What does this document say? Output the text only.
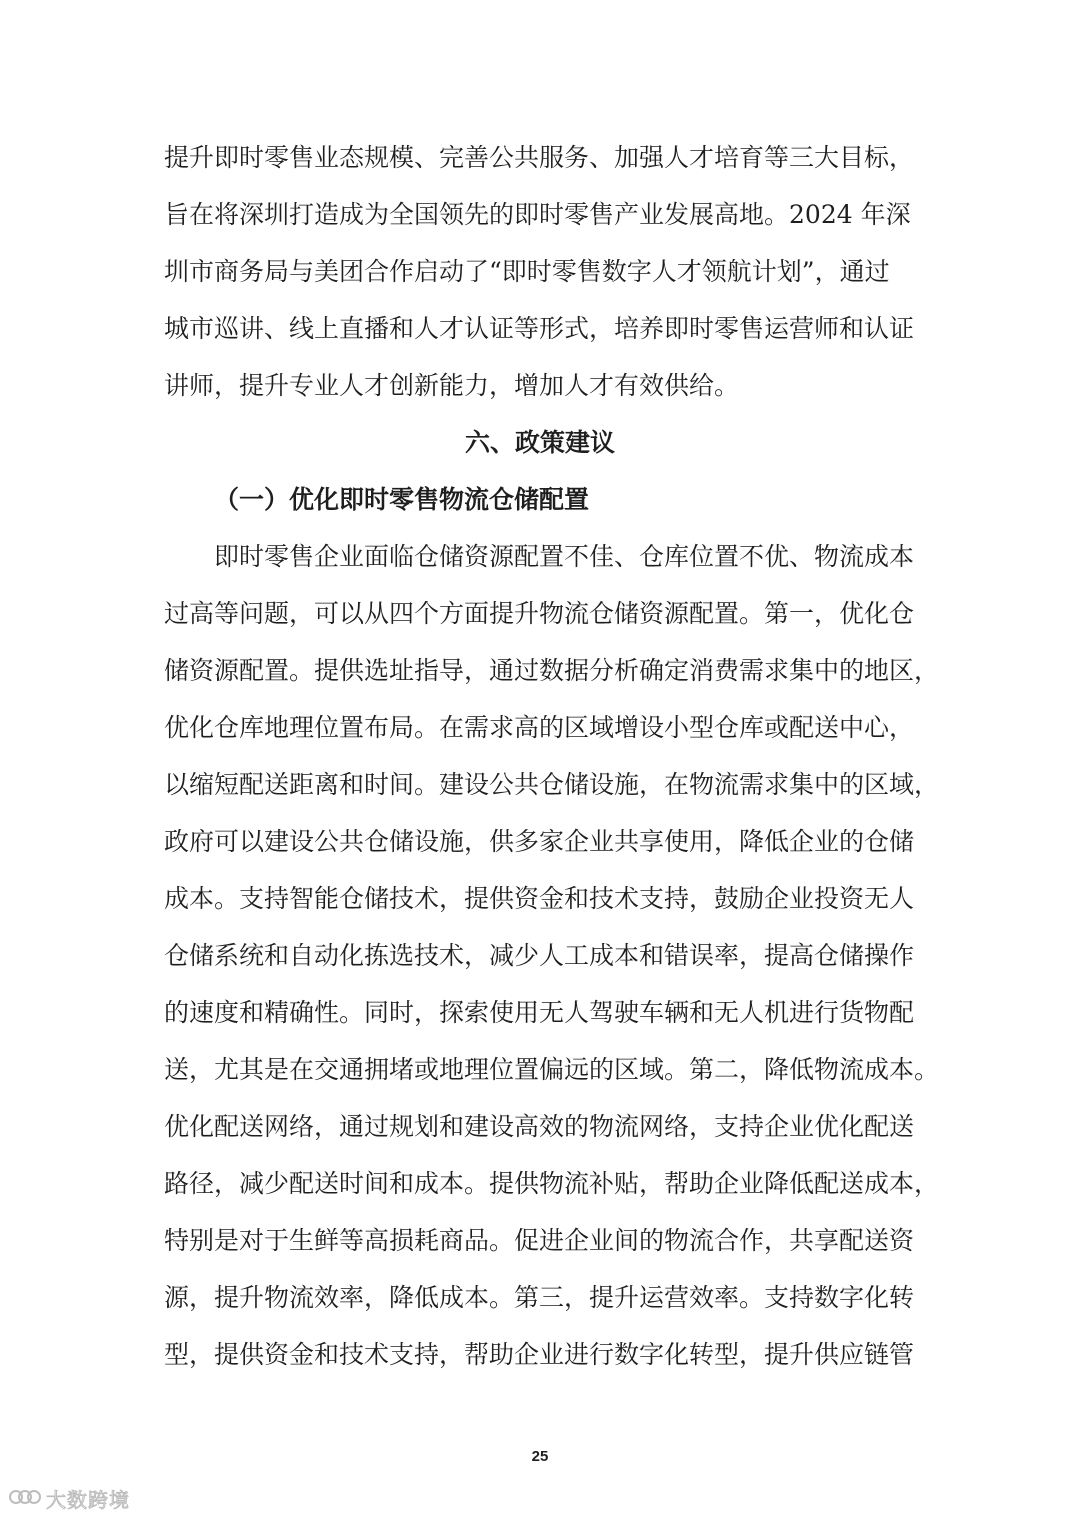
提升即时零售业态规模、完善公共服务、加强人才培育等三大目标，
旨在将深圳打造成为全国领先的即时零售产业发展高地。2024 年深
圳市商务局与美团合作启动了“即时零售数字人才领航计划”，通过
城市巡讲、线上直播和人才认证等形式，培养即时零售运营师和认证
讲师，提升专业人才创新能力，增加人才有效供给。
六、政策建议
（一）优化即时零售物流仓储配置
即时零售企业面临仓储资源配置不佳、仓库位置不优、物流成本
过高等问题，可以从四个方面提升物流仓储资源配置。第一，优化仓
储资源配置。提供选址指导，通过数据分析确定消费需求集中的地区，
优化仓库地理位置布局。在需求高的区域增设小型仓库或配送中心，
以缩短配送距离和时间。建设公共仓储设施，在物流需求集中的区域，
政府可以建设公共仓储设施，供多家企业共享使用，降低企业的仓储
成本。支持智能仓储技术，提供资金和技术支持，鼓励企业投资无人
仓储系统和自动化拣选技术，减少人工成本和错误率，提高仓储操作
的速度和精确性。同时，探索使用无人驾驶车辆和无人机进行货物配
送，尤其是在交通拥堵或地理位置偏远的区域。第二，降低物流成本。
优化配送网络，通过规划和建设高效的物流网络，支持企业优化配送
路径，减少配送时间和成本。提供物流补贴，帮助企业降低配送成本，
特别是对于生鲜等高损耗商品。促进企业间的物流合作，共享配送资
源，提升物流效率，降低成本。第三，提升运营效率。支持数字化转
型，提供资金和技术支持，帮助企业进行数字化转型，提升供应链管
25
大数跨境
